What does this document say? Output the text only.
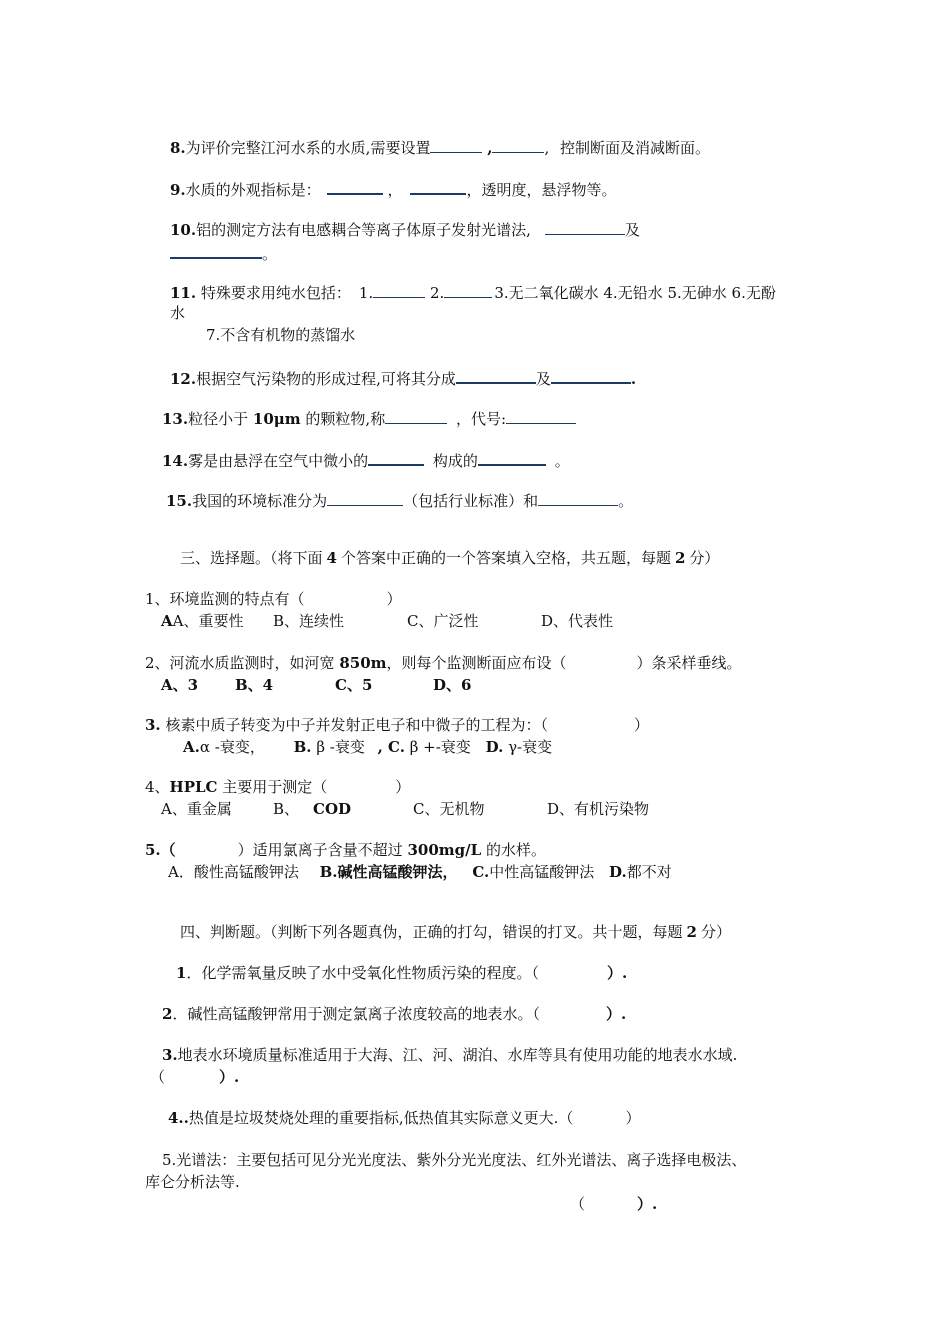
8.为评价完整江河水系的水质,需要设置	,	, 控制断面及消减断面。
9.水质的外观指标是：	，	，透明度，悬浮物等。
10.铝的测定方法有电感耦合等离子体原子发射光谱法,	及
。
11. 特殊要求用纯水包括： 1.	2.	3.无二氧化碳水 4.无铅水 5.无砷水 6.无酚
水
7.不含有机物的蒸馏水
12.根据空气污染物的形成过程,可将其分成	及	.
13.粒径小于 10μm 的颗粒物,称	，代号:
14.雾是由悬浮在空气中微小的	构成的	。
15.我国的环境标准分为	（包括行业标准）和	。
三、选择题。（将下面 4 个答案中正确的一个答案填入空格，共五题，每题 2 分）
1、环境监测的特点有（	）
AA、重要性 B、连续性	C、广泛性	D、代表性
2、河流水质监测时，如河宽 850m，则每个监测断面应布设（	）条采样垂线。
A、3 B、4	C、5	D、6
3. 核素中质子转变为中子并发射正电子和中微子的工程为：（	）
A.α -衰变， B. β -衰变 , C. β +-衰变 D. γ-衰变
4、HPLC 主要用于测定（	）
A、重金属	B、 COD	C、无机物	D、有机污染物
5.（	）适用氯离子含量不超过 300mg/L 的水样。
A．酸性高锰酸钾法 B.碱性高锰酸钾法， C.中性高锰酸钾法 D.都不对
四、判断题。（判断下列各题真伪，正确的打勾，错误的打叉。共十题，每题 2 分）
1．化学需氧量反映了水中受氧化性物质污染的程度。（	）.
2．碱性高锰酸钾常用于测定氯离子浓度较高的地表水。（	）.
3.地表水环境质量标准适用于大海、江、河、湖泊、水库等具有使用功能的地表水水域.
（	）.
4..热值是垃圾焚烧处理的重要指标,低热值其实际意义更大.（	）
5.光谱法：主要包括可见分光光度法、紫外分光光度法、红外光谱法、离子选择电极法、
库仑分析法等.
（	）.
